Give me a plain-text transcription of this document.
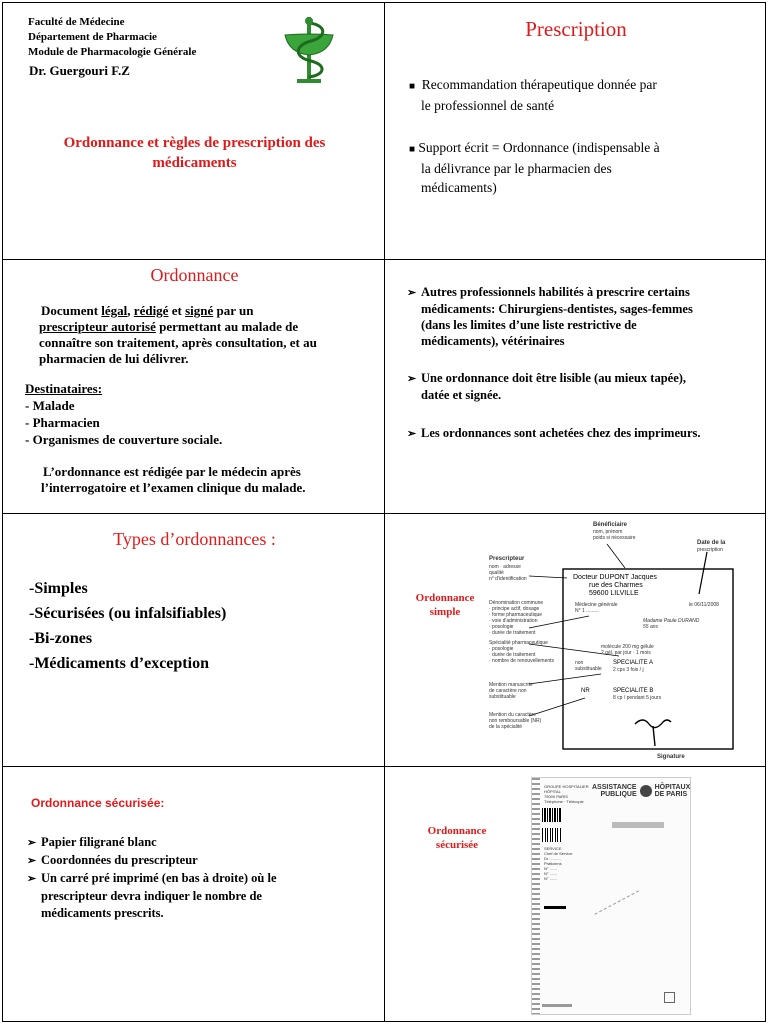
Faculté de Médecine
Département de Pharmacie
Module de Pharmacologie Générale
Dr. Guergouri F.Z
Ordonnance et règles de prescription des
médicaments
Prescription
■ Recommandation thérapeutique donnée par
le professionnel de santé
■ Support écrit = Ordonnance (indispensable à
la délivrance par le pharmacien des
médicaments)
Ordonnance
Document légal, rédigé et signé par un
prescripteur autorisé permettant au malade de
connaître son traitement, après consultation, et au
pharmacien de lui délivrer.
Destinataires:
- Malade
- Pharmacien
- Organismes de couverture sociale.
L’ordonnance est rédigée par le médecin après
l’interrogatoire et l’examen clinique du malade.
➢ Autres professionnels habilités à prescrire certains
médicaments: Chirurgiens-dentistes, sages-femmes
(dans les limites d’une liste restrictive de
médicaments), vétérinaires
➢ Une ordonnance doit être lisible (au mieux tapée),
datée et signée.
➢ Les ordonnances sont achetées chez des imprimeurs.
Types d’ordonnances :
-Simples
-Sécurisées (ou infalsifiables)
-Bi-zones
-Médicaments d’exception
Ordonnance
simple
Prescripteur
nom · adresse
qualité
n° d'identification
Dénomination commune
· principe actif, dosage
· forme pharmaceutique
· voie d'administration
· posologie
· durée de traitement
Spécialité pharmaceutique
· posologie
· durée de traitement
· nombre de renouvellements
Mention manuscrite
de caractère non
substituable
Mention du caractère
non remboursable (NR)
de la spécialité
Bénéficiaire
nom, prénom
poids si nécessaire
Date de la
prescription
Signature
Docteur DUPONT Jacques
rue des Charmes
59600 LILVILLE
Médecine générale
N° 1 .........
le 06/11/2008
Madame Paule DURAND
55 ans
molécule 200 mg gélule
2 gél. par jour · 1 mois
non
substituable
SPECIALITE A
2 cps 3 fois / j
NR	SPECIALITE B
8 cp / pendant 5 jours
Ordonnance sécurisée:
➢ Papier filigrané blanc
➢ Coordonnées du prescripteur
➢ Un carré pré imprimé (en bas à droite) où le
prescripteur devra indiquer le nombre de
médicaments prescrits.
Ordonnance
sécurisée
GROUPE HOSPITALIER
HÔPITAL
75000 PARIS
Téléphone · Télécopie
ASSISTANCE
PUBLIQUE
HÔPITAUX
DE PARIS
SERVICE
Chef de Service
Dr ...........
Praticiens
N° .......
N° .......
N° .......
